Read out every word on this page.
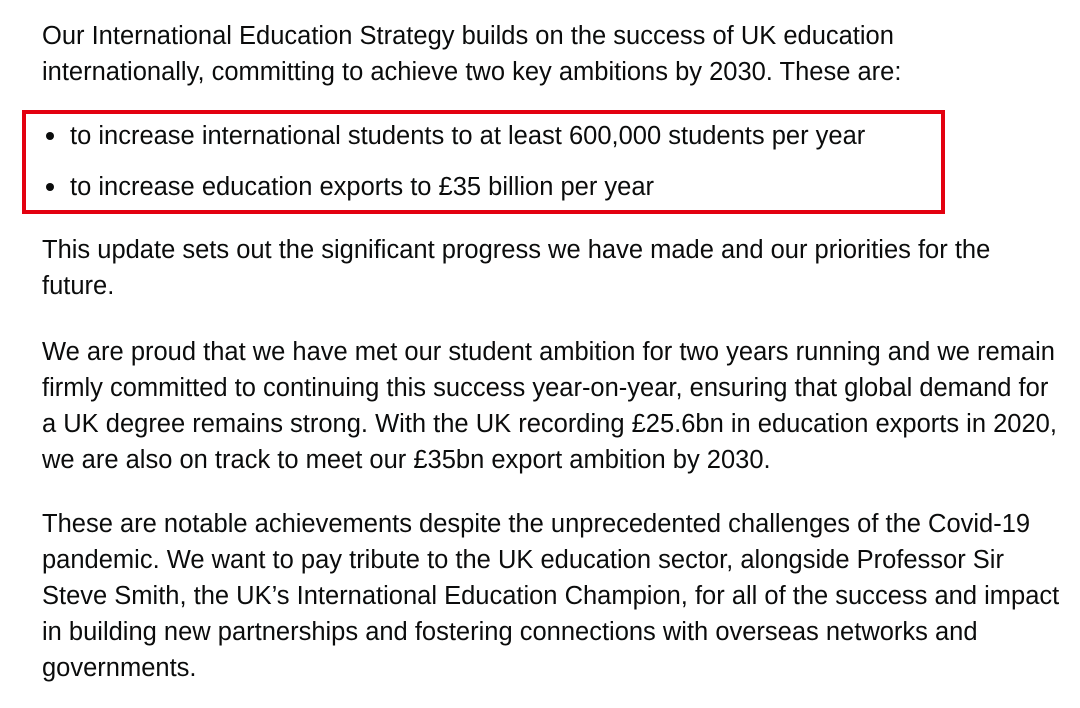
Our International Education Strategy builds on the success of UK education internationally, committing to achieve two key ambitions by 2030. These are:

to increase international students to at least 600,000 students per year
to increase education exports to £35 billion per year

This update sets out the significant progress we have made and our priorities for the future.

We are proud that we have met our student ambition for two years running and we remain firmly committed to continuing this success year-on-year, ensuring that global demand for a UK degree remains strong. With the UK recording £25.6bn in education exports in 2020, we are also on track to meet our £35bn export ambition by 2030.

These are notable achievements despite the unprecedented challenges of the Covid-19 pandemic. We want to pay tribute to the UK education sector, alongside Professor Sir Steve Smith, the UK’s International Education Champion, for all of the success and impact in building new partnerships and fostering connections with overseas networks and governments.
